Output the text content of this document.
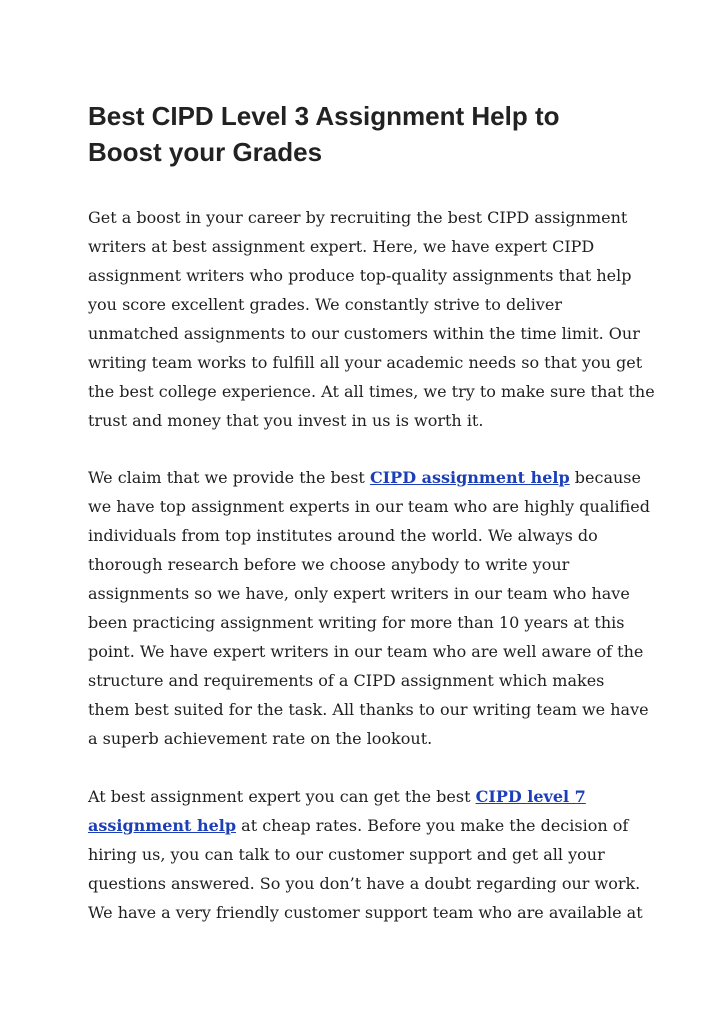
Best CIPD Level 3 Assignment Help to
Boost your Grades

Get a boost in your career by recruiting the best CIPD assignment
writers at best assignment expert. Here, we have expert CIPD
assignment writers who produce top-quality assignments that help
you score excellent grades. We constantly strive to deliver
unmatched assignments to our customers within the time limit. Our
writing team works to fulfill all your academic needs so that you get
the best college experience. At all times, we try to make sure that the
trust and money that you invest in us is worth it.

We claim that we provide the best CIPD assignment help because
we have top assignment experts in our team who are highly qualified
individuals from top institutes around the world. We always do
thorough research before we choose anybody to write your
assignments so we have, only expert writers in our team who have
been practicing assignment writing for more than 10 years at this
point. We have expert writers in our team who are well aware of the
structure and requirements of a CIPD assignment which makes
them best suited for the task. All thanks to our writing team we have
a superb achievement rate on the lookout.

At best assignment expert you can get the best CIPD level 7
assignment help at cheap rates. Before you make the decision of
hiring us, you can talk to our customer support and get all your
questions answered. So you don’t have a doubt regarding our work.
We have a very friendly customer support team who are available at
